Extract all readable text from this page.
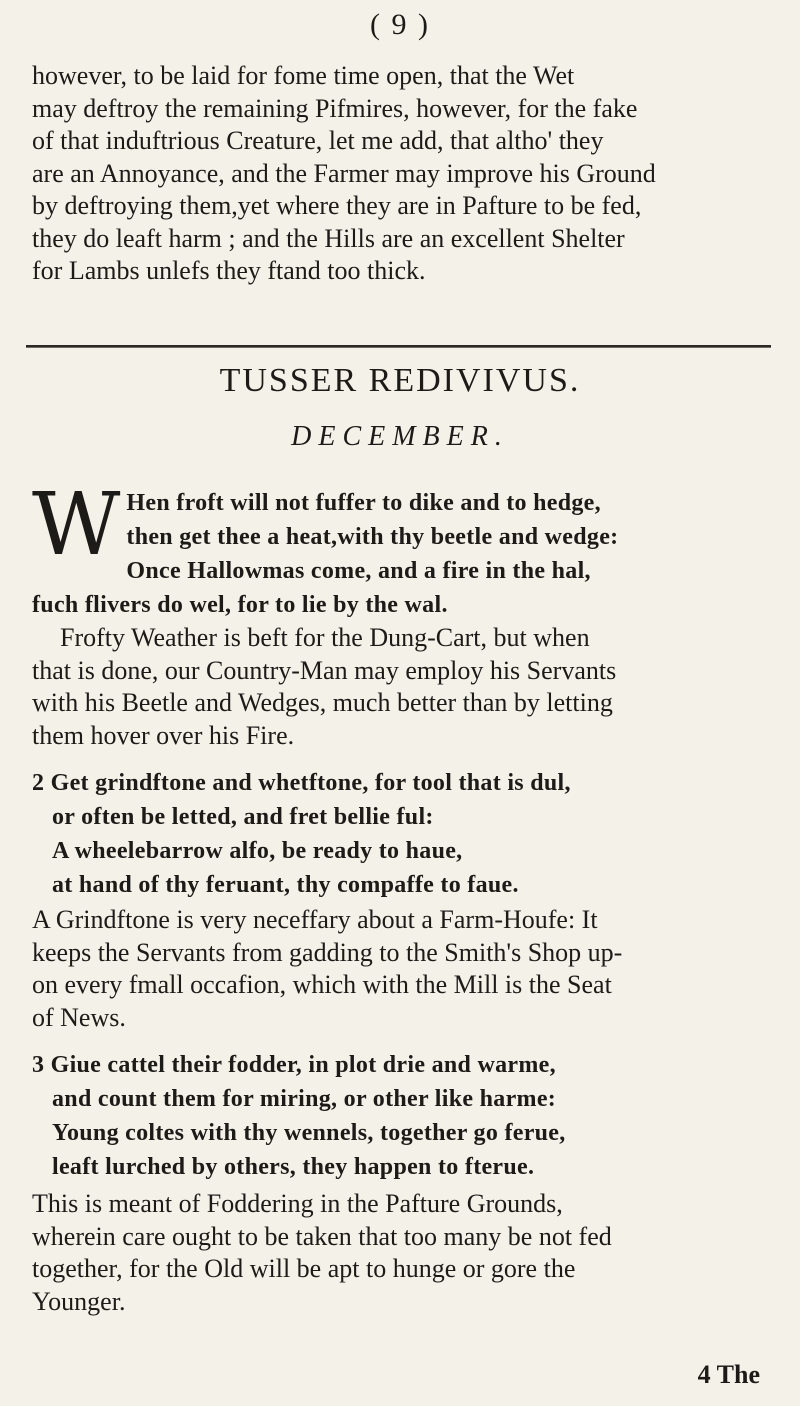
( 9 )
however, to be laid for fome time open, that the Wet
may deftroy the remaining Pifmires, however, for the fake
of that induftrious Creature, let me add, that altho' they
are an Annoyance, and the Farmer may improve his Ground
by deftroying them,yet where they are in Pafture to be fed,
they do leaft harm ; and the Hills are an excellent Shelter
for Lambs unlefs they ftand too thick.
TUSSER REDIVIVUS.
DECEMBER.
W Hen froft will not fuffer to dike and to hedge,
then get thee a heat,with thy beetle and wedge:
Once Hallowmas come, and a fire in the hal,
fuch flivers do wel, for to lie by the wal.
Frofty Weather is beft for the Dung-Cart, but when
that is done, our Country-Man may employ his Servants
with his Beetle and Wedges, much better than by letting
them hover over his Fire.
2 Get grindftone and whetftone, for tool that is dul,
or often be letted, and fret bellie ful:
A wheelebarrow alfo, be ready to haue,
at hand of thy feruant, thy compaffe to faue.
A Grindftone is very neceffary about a Farm-Houfe: It
keeps the Servants from gadding to the Smith's Shop up-
on every fmall occafion, which with the Mill is the Seat
of News.
3 Giue cattel their fodder, in plot drie and warme,
and count them for miring, or other like harme:
Young coltes with thy wennels, together go ferue,
leaft lurched by others, they happen to fterue.
This is meant of Foddering in the Pafture Grounds,
wherein care ought to be taken that too many be not fed
together, for the Old will be apt to hunge or gore the
Younger.
4 The
